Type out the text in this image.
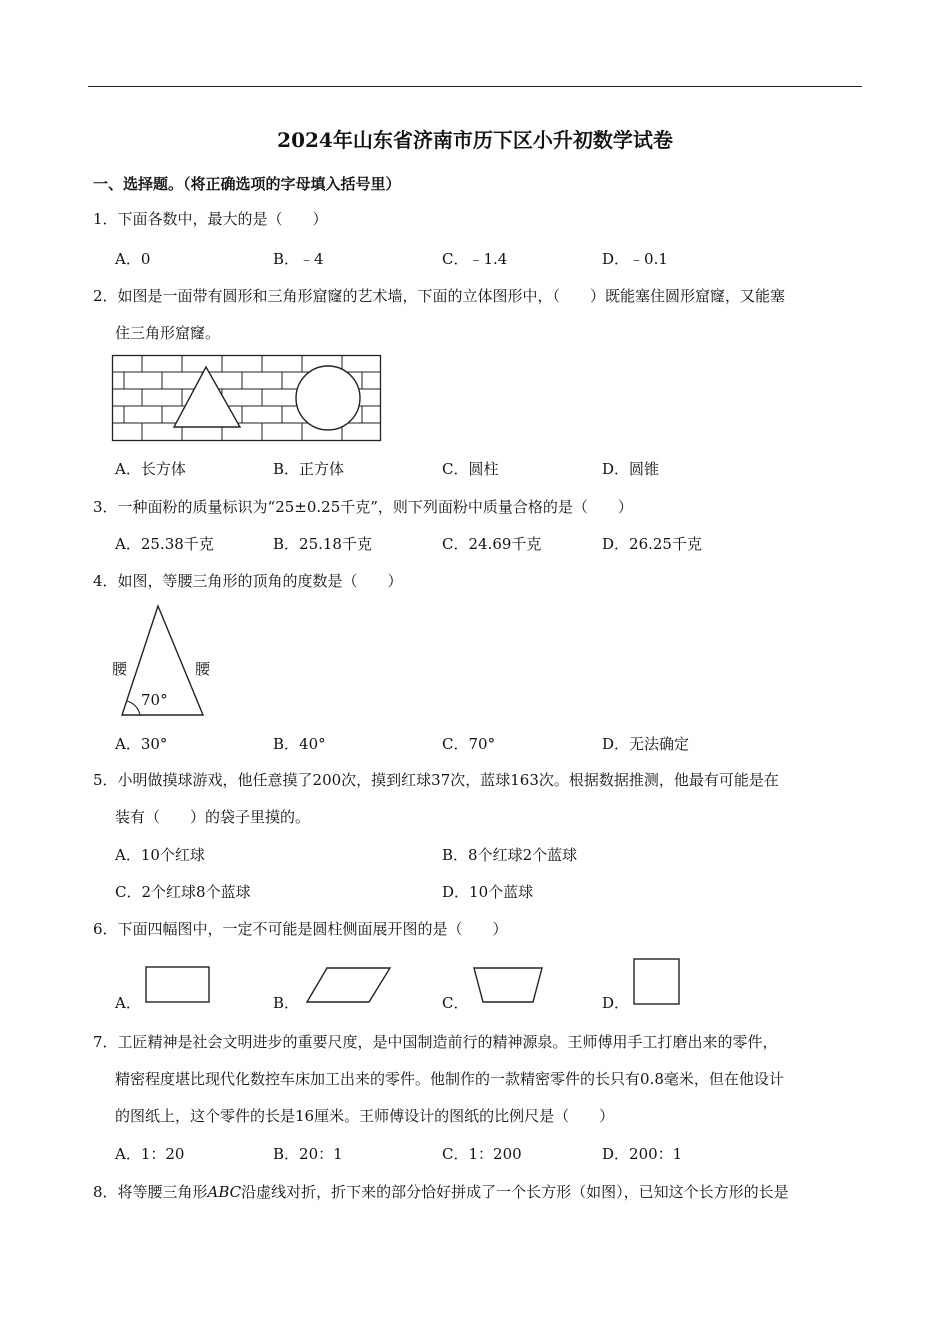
2024年山东省济南市历下区小升初数学试卷
一、选择题。（将正确选项的字母填入括号里）
1．下面各数中，最大的是（　　）
A．0	B．﹣4	C．﹣1.4	D．﹣0.1
2．如图是一面带有圆形和三角形窟窿的艺术墙，下面的立体图形中，（　　）既能塞住圆形窟窿，又能塞
住三角形窟窿。
A．长方体	B．正方体	C．圆柱	D．圆锥
3．一种面粉的质量标识为“25±0.25千克”，则下列面粉中质量合格的是（　　）
A．25.38千克	B．25.18千克	C．24.69千克	D．26.25千克
4．如图，等腰三角形的顶角的度数是（　　）
腰	腰
70°
A．30°	B．40°	C．70°	D．无法确定
5．小明做摸球游戏，他任意摸了200次，摸到红球37次，蓝球163次。根据数据推测，他最有可能是在
装有（　　）的袋子里摸的。
A．10个红球	B．8个红球2个蓝球
C．2个红球8个蓝球	D．10个蓝球
6．下面四幅图中，一定不可能是圆柱侧面展开图的是（　　）
A．	B．	C．	D．
7．工匠精神是社会文明进步的重要尺度，是中国制造前行的精神源泉。王师傅用手工打磨出来的零件，
精密程度堪比现代化数控车床加工出来的零件。他制作的一款精密零件的长只有0.8毫米，但在他设计
的图纸上，这个零件的长是16厘米。王师傅设计的图纸的比例尺是（　　）
A．1：20	B．20：1	C．1：200	D．200：1
8．将等腰三角形ABC沿虚线对折，折下来的部分恰好拼成了一个长方形（如图），已知这个长方形的长是
